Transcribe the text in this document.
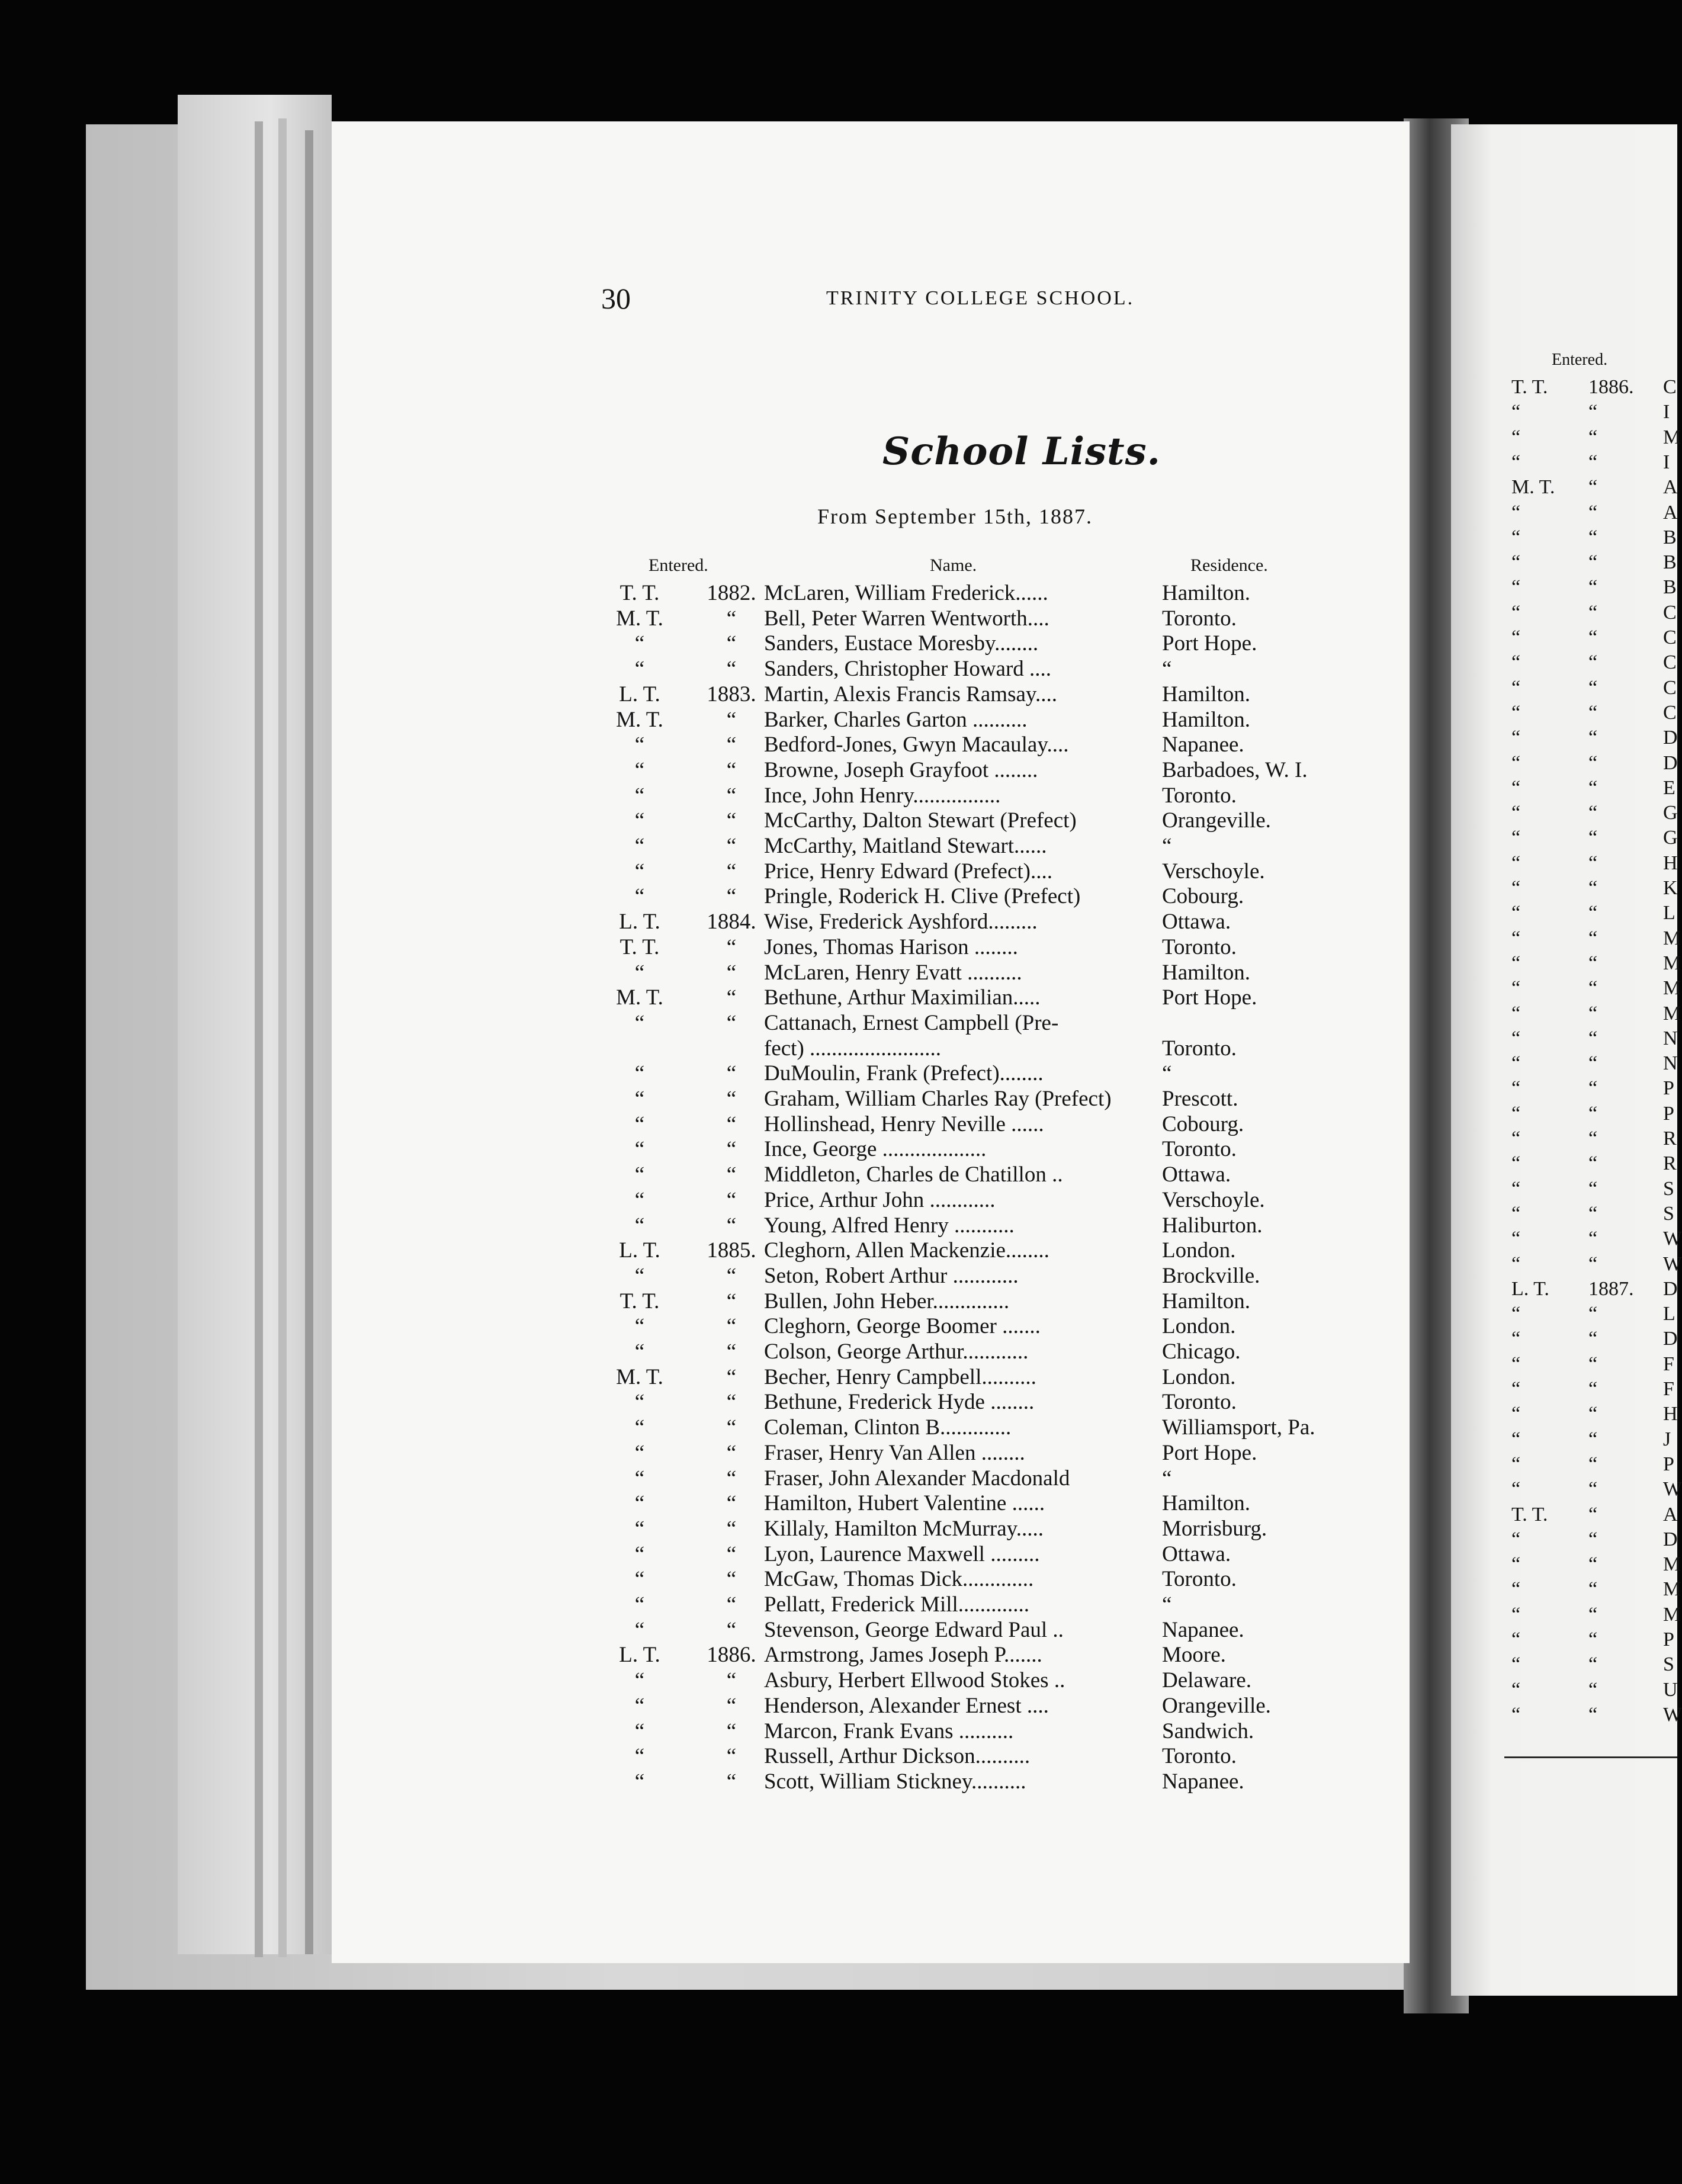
30	TRINITY COLLEGE SCHOOL.
School Lists.
From September 15th, 1887.
Entered.	Name.	Residence.
T. T.	1882. McLaren, William Frederick......	Hamilton.
M. T.	“	Bell, Peter Warren Wentworth....	Toronto.
“	“	Sanders, Eustace Moresby........	Port Hope.
“	“	Sanders, Christopher Howard ....	“
L. T.	1883. Martin, Alexis Francis Ramsay....	Hamilton.
M. T.	“	Barker, Charles Garton ..........	Hamilton.
“	“	Bedford-Jones, Gwyn Macaulay....	Napanee.
“	“	Browne, Joseph Grayfoot ........	Barbadoes, W. I.
“	“	Ince, John Henry................	Toronto.
“	“	McCarthy, Dalton Stewart (Prefect)	Orangeville.
“	“	McCarthy, Maitland Stewart......	“
“	“	Price, Henry Edward (Prefect)....	Verschoyle.
“	“	Pringle, Roderick H. Clive (Prefect)	Cobourg.
L. T.	1884. Wise, Frederick Ayshford.........	Ottawa.
T. T.	“	Jones, Thomas Harison ........	Toronto.
“	“	McLaren, Henry Evatt ..........	Hamilton.
M. T.	“	Bethune, Arthur Maximilian.....	Port Hope.
“	“	Cattanach, Ernest Campbell (Pre-
fect) ........................	Toronto.
“	“	DuMoulin, Frank (Prefect)........	“
“	“	Graham, William Charles Ray (Prefect) Prescott.
“	“	Hollinshead, Henry Neville ......	Cobourg.
“	“	Ince, George ...................	Toronto.
“	“	Middleton, Charles de Chatillon ..	Ottawa.
“	“	Price, Arthur John ............	Verschoyle.
“	“	Young, Alfred Henry ...........	Haliburton.
L. T.	1885. Cleghorn, Allen Mackenzie........	London.
“	“	Seton, Robert Arthur ............	Brockville.
T. T.	“	Bullen, John Heber..............	Hamilton.
“	“	Cleghorn, George Boomer .......	London.
“	“	Colson, George Arthur............	Chicago.
M. T.	“	Becher, Henry Campbell..........	London.
“	“	Bethune, Frederick Hyde ........	Toronto.
“	“	Coleman, Clinton B.............	Williamsport, Pa.
“	“	Fraser, Henry Van Allen ........	Port Hope.
“	“	Fraser, John Alexander Macdonald	“
“	“	Hamilton, Hubert Valentine ......	Hamilton.
“	“	Killaly, Hamilton McMurray.....	Morrisburg.
“	“	Lyon, Laurence Maxwell .........	Ottawa.
“	“	McGaw, Thomas Dick.............	Toronto.
“	“	Pellatt, Frederick Mill.............	“
“	“	Stevenson, George Edward Paul ..	Napanee.
L. T.	1886. Armstrong, James Joseph P.......	Moore.
“	“	Asbury, Herbert Ellwood Stokes ..	Delaware.
“	“	Henderson, Alexander Ernest ....	Orangeville.
“	“	Marcon, Frank Evans ..........	Sandwich.
“	“	Russell, Arthur Dickson..........	Toronto.
“	“	Scott, William Stickney..........	Napanee.
T. T. 1886. C
“	“	I
“	“	M
“	“	I
M. T. “	A
“	“	A
“	“	B
“	“	B
“	“	B
“	“	C
“	“	C
“	“	C
“	“	C
“	“	C
“	“	D
“	“	D
“	“	E
“	“	G
“	“	G
“	“	H
“	“	K
“	“	L
“	“	M
“	“	M
“	“	M
“	“	M
“	“	N
“	“	N
“	“	P
“	“	P
“	“	R
“	“	R
“	“	S
“	“	S
“	“	W
“	“	W
L. T. 1887. D
“	“	L
“	“	D
“	“	F
“	“	F
“	“	H
“	“	J
“	“	P
“	“	W
T. T. “	A
“	“	D
“	“	M
“	“	M
“	“	M
“	“	P
“	“	S
“	“	U
“	“	W
Entered.
